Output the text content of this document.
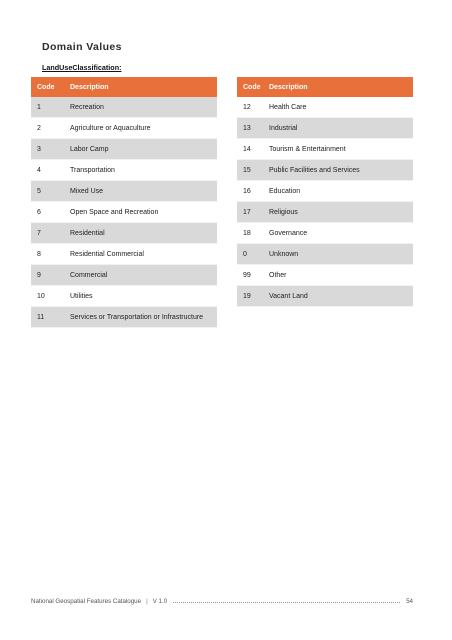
Domain Values
LandUseClassification:
Code	Description
1	Recreation
2	Agriculture or Aquaculture
3	Labor Camp
4	Transportation
5	Mixed Use
6	Open Space and Recreation
7	Residential
8	Residential Commercial
9	Commercial
10	Utilities
11	Services or Transportation or Infrastructure
Code	Description
12	Health Care
13	Industrial
14	Tourism & Entertainment
15	Public Facilities and Services
16	Education
17	Religious
18	Governance
0	Unknown
99	Other
19	Vacant Land
National Geospatial Features Catalogue | V 1.0	54
